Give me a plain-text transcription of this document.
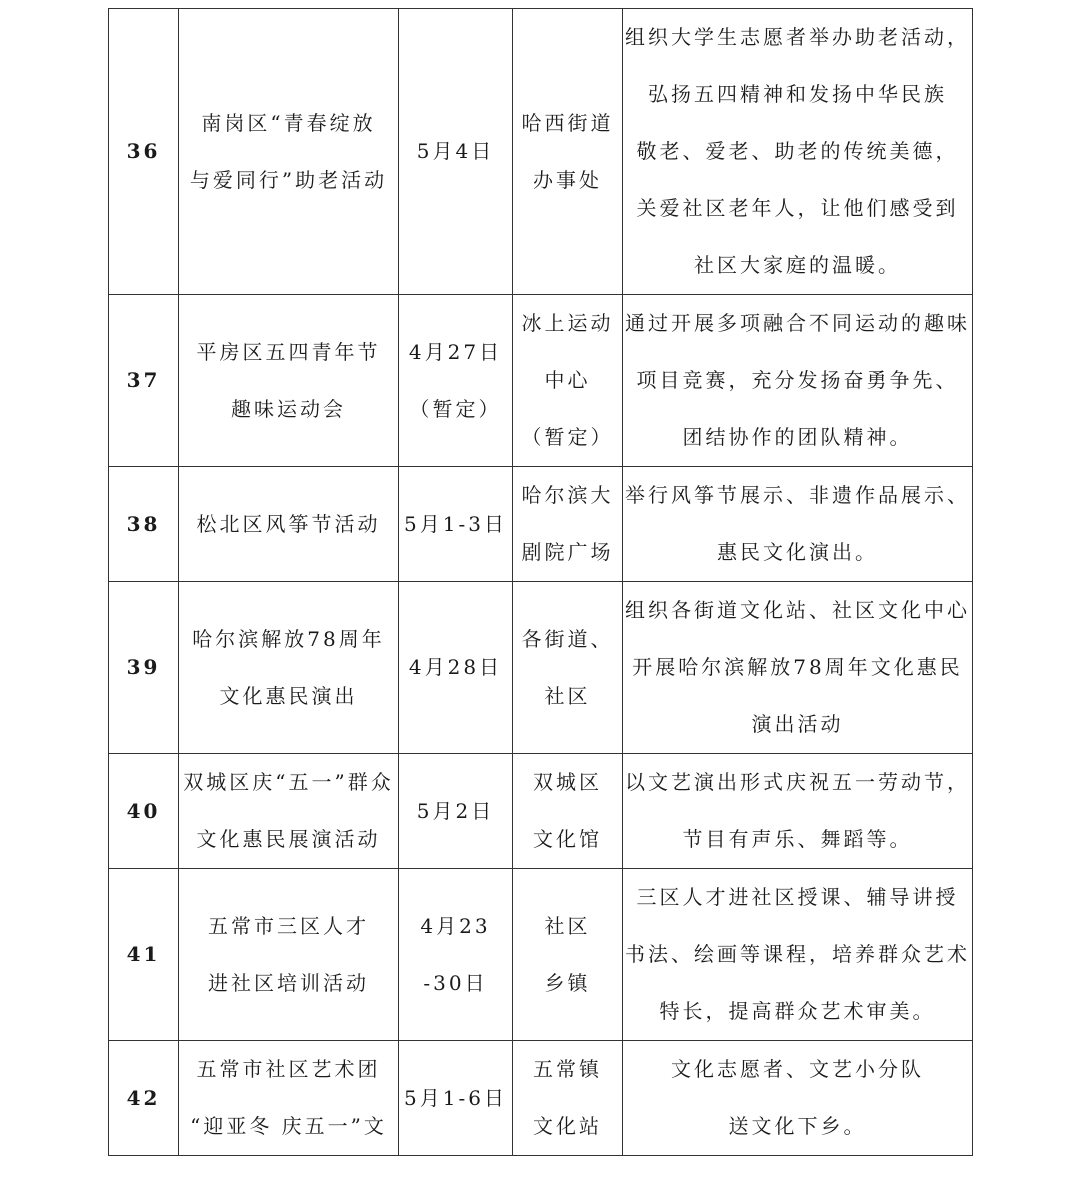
36	南岗区“青春绽放
与爱同行”助老活动	5月4日	哈西街道
办事处	组织大学生志愿者举办助老活动，
弘扬五四精神和发扬中华民族
敬老、爱老、助老的传统美德，
关爱社区老年人，让他们感受到
社区大家庭的温暖。

37	平房区五四青年节
趣味运动会	4月27日
（暂定）	冰上运动
中心
（暂定）	通过开展多项融合不同运动的趣味
项目竞赛，充分发扬奋勇争先、
团结协作的团队精神。

38	松北区风筝节活动	5月1-3日	哈尔滨大
剧院广场	举行风筝节展示、非遗作品展示、
惠民文化演出。

39	哈尔滨解放78周年
文化惠民演出	4月28日	各街道、
社区	组织各街道文化站、社区文化中心
开展哈尔滨解放78周年文化惠民
演出活动

40	双城区庆“五一”群众
文化惠民展演活动	5月2日	双城区
文化馆	以文艺演出形式庆祝五一劳动节，
节目有声乐、舞蹈等。

41	五常市三区人才
进社区培训活动	4月23
-30日	社区
乡镇	三区人才进社区授课、辅导讲授
书法、绘画等课程，培养群众艺术
特长，提高群众艺术审美。

42	五常市社区艺术团
“迎亚冬 庆五一”文	5月1-6日	五常镇
文化站	文化志愿者、文艺小分队
送文化下乡。
